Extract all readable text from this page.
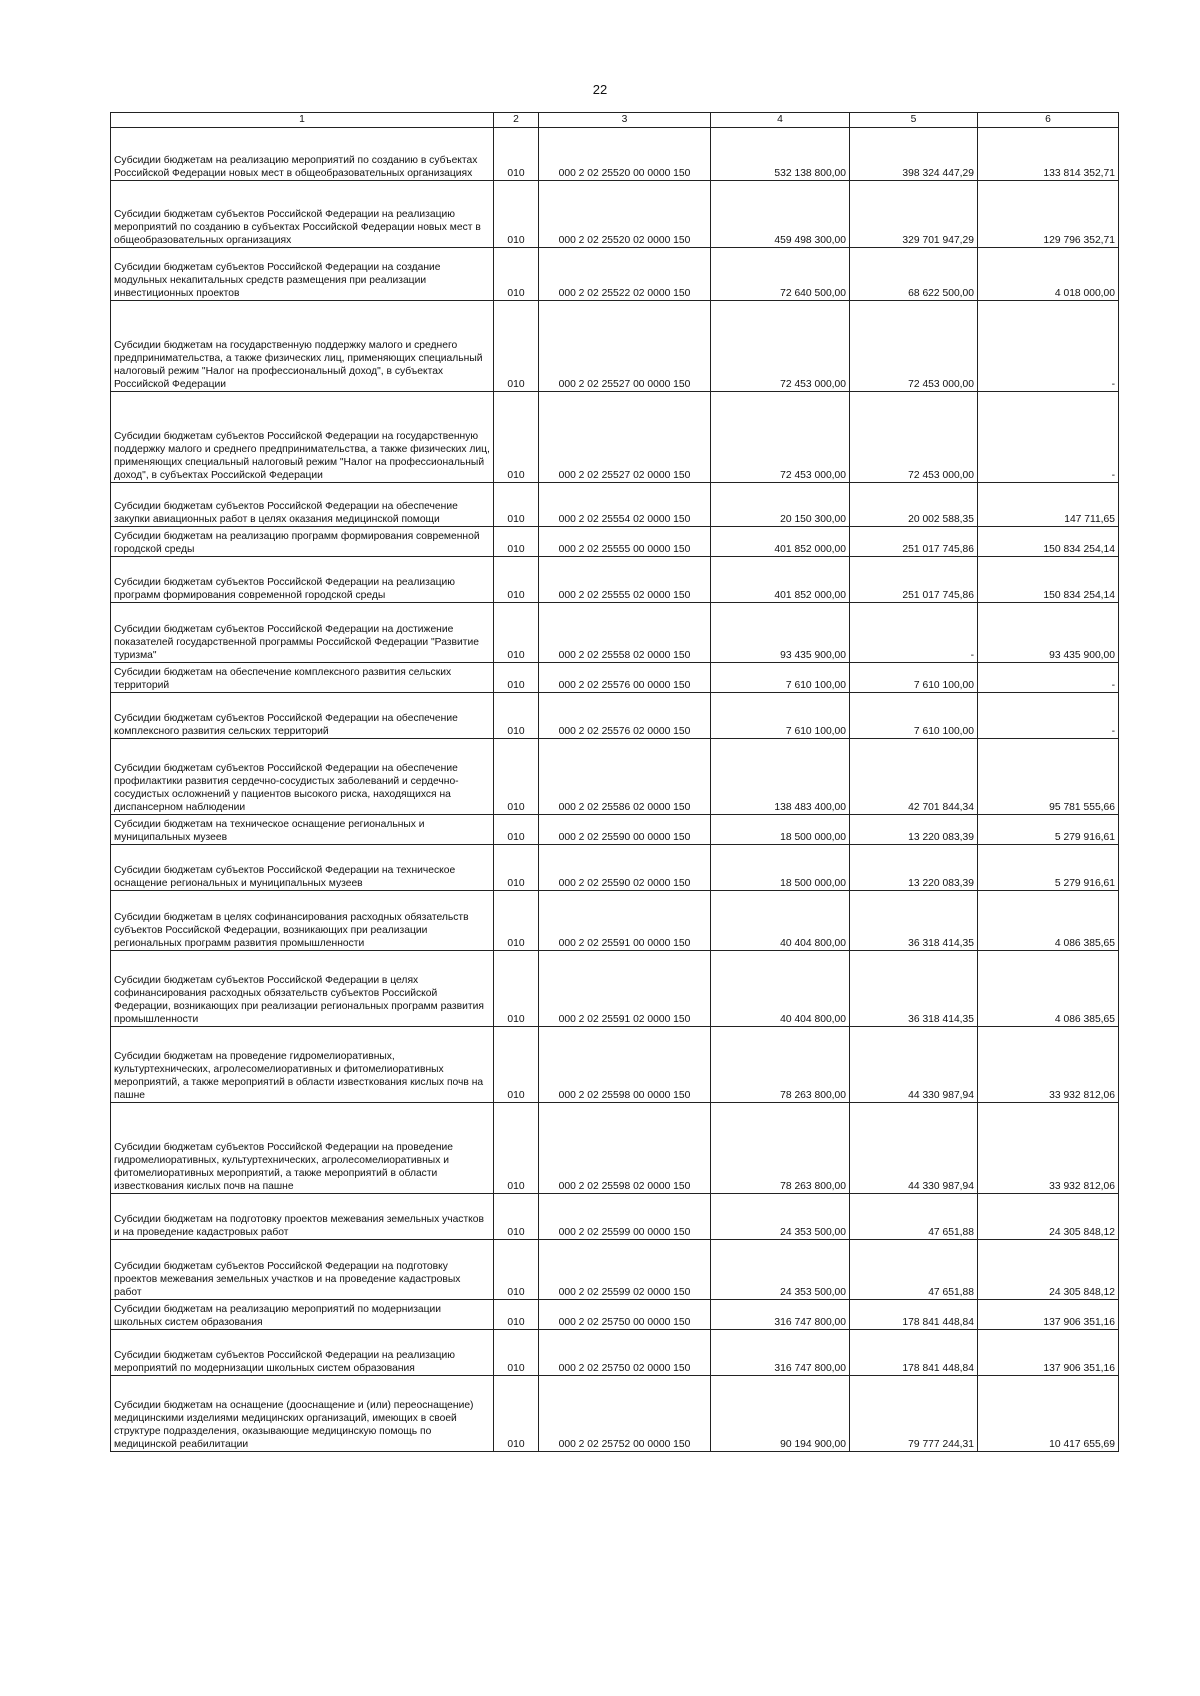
22
1	2	3	4	5	6
Субсидии бюджетам на реализацию мероприятий по созданию в субъектах Российской Федерации новых мест в общеобразовательных организациях	010	000 2 02 25520 00 0000 150	532 138 800,00	398 324 447,29	133 814 352,71
Субсидии бюджетам субъектов Российской Федерации на реализацию мероприятий по созданию в субъектах Российской Федерации новых мест в общеобразовательных организациях	010	000 2 02 25520 02 0000 150	459 498 300,00	329 701 947,29	129 796 352,71
Субсидии бюджетам субъектов Российской Федерации на создание модульных некапитальных средств размещения при реализации инвестиционных проектов	010	000 2 02 25522 02 0000 150	72 640 500,00	68 622 500,00	4 018 000,00
Субсидии бюджетам на государственную поддержку малого и среднего предпринимательства, а также физических лиц, применяющих специальный налоговый режим "Налог на профессиональный доход", в субъектах Российской Федерации	010	000 2 02 25527 00 0000 150	72 453 000,00	72 453 000,00	-
Субсидии бюджетам субъектов Российской Федерации на государственную поддержку малого и среднего предпринимательства, а также физических лиц, применяющих специальный налоговый режим "Налог на профессиональный доход", в субъектах Российской Федерации	010	000 2 02 25527 02 0000 150	72 453 000,00	72 453 000,00	-
Субсидии бюджетам субъектов Российской Федерации на обеспечение закупки авиационных работ в целях оказания медицинской помощи	010	000 2 02 25554 02 0000 150	20 150 300,00	20 002 588,35	147 711,65
Субсидии бюджетам на реализацию программ формирования современной городской среды	010	000 2 02 25555 00 0000 150	401 852 000,00	251 017 745,86	150 834 254,14
Субсидии бюджетам субъектов Российской Федерации на реализацию программ формирования современной городской среды	010	000 2 02 25555 02 0000 150	401 852 000,00	251 017 745,86	150 834 254,14
Субсидии бюджетам субъектов Российской Федерации на достижение показателей государственной программы Российской Федерации "Развитие туризма"	010	000 2 02 25558 02 0000 150	93 435 900,00	-	93 435 900,00
Субсидии бюджетам на обеспечение комплексного развития сельских территорий	010	000 2 02 25576 00 0000 150	7 610 100,00	7 610 100,00	-
Субсидии бюджетам субъектов Российской Федерации на обеспечение комплексного развития сельских территорий	010	000 2 02 25576 02 0000 150	7 610 100,00	7 610 100,00	-
Субсидии бюджетам субъектов Российской Федерации на обеспечение профилактики развития сердечно-сосудистых заболеваний и сердечно-сосудистых осложнений у пациентов высокого риска, находящихся на диспансерном наблюдении	010	000 2 02 25586 02 0000 150	138 483 400,00	42 701 844,34	95 781 555,66
Субсидии бюджетам на техническое оснащение региональных и муниципальных музеев	010	000 2 02 25590 00 0000 150	18 500 000,00	13 220 083,39	5 279 916,61
Субсидии бюджетам субъектов Российской Федерации на техническое оснащение региональных и муниципальных музеев	010	000 2 02 25590 02 0000 150	18 500 000,00	13 220 083,39	5 279 916,61
Субсидии бюджетам в целях софинансирования расходных обязательств субъектов Российской Федерации, возникающих при реализации региональных программ развития промышленности	010	000 2 02 25591 00 0000 150	40 404 800,00	36 318 414,35	4 086 385,65
Субсидии бюджетам субъектов Российской Федерации в целях софинансирования расходных обязательств субъектов Российской Федерации, возникающих при реализации региональных программ развития промышленности	010	000 2 02 25591 02 0000 150	40 404 800,00	36 318 414,35	4 086 385,65
Субсидии бюджетам на проведение гидромелиоративных, культуртехнических, агролесомелиоративных и фитомелиоративных мероприятий, а также мероприятий в области известкования кислых почв на пашне	010	000 2 02 25598 00 0000 150	78 263 800,00	44 330 987,94	33 932 812,06
Субсидии бюджетам субъектов Российской Федерации на проведение гидромелиоративных, культуртехнических, агролесомелиоративных и фитомелиоративных мероприятий, а также мероприятий в области известкования кислых почв на пашне	010	000 2 02 25598 02 0000 150	78 263 800,00	44 330 987,94	33 932 812,06
Субсидии бюджетам на подготовку проектов межевания земельных участков и на проведение кадастровых работ	010	000 2 02 25599 00 0000 150	24 353 500,00	47 651,88	24 305 848,12
Субсидии бюджетам субъектов Российской Федерации на подготовку проектов межевания земельных участков и на проведение кадастровых работ	010	000 2 02 25599 02 0000 150	24 353 500,00	47 651,88	24 305 848,12
Субсидии бюджетам на реализацию мероприятий по модернизации школьных систем образования	010	000 2 02 25750 00 0000 150	316 747 800,00	178 841 448,84	137 906 351,16
Субсидии бюджетам субъектов Российской Федерации на реализацию мероприятий по модернизации школьных систем образования	010	000 2 02 25750 02 0000 150	316 747 800,00	178 841 448,84	137 906 351,16
Субсидии бюджетам на оснащение (дооснащение и (или) переоснащение) медицинскими изделиями медицинских организаций, имеющих в своей структуре подразделения, оказывающие медицинскую помощь по медицинской реабилитации	010	000 2 02 25752 00 0000 150	90 194 900,00	79 777 244,31	10 417 655,69
